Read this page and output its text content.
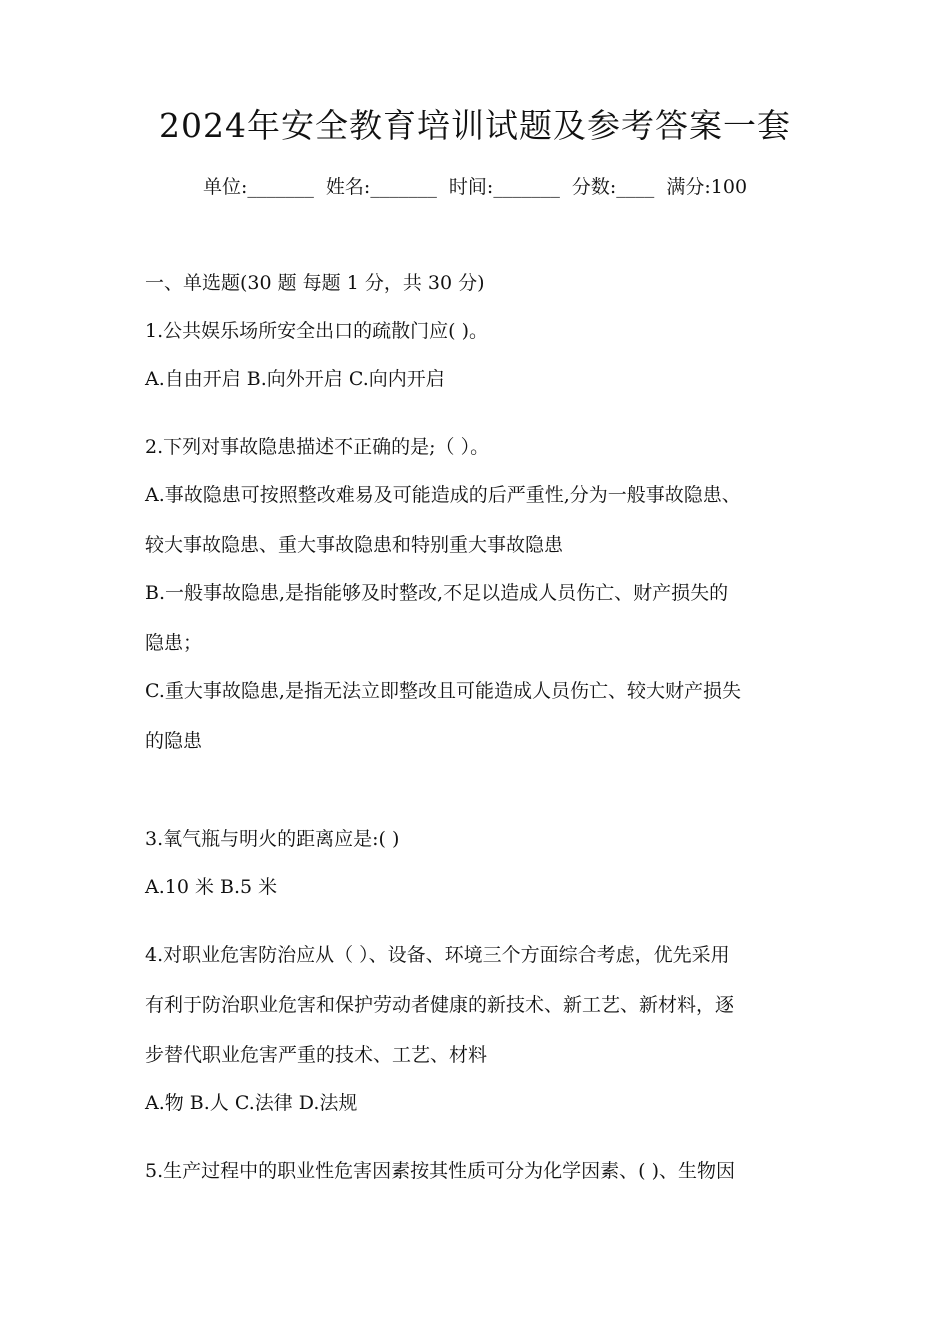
2024年安全教育培训试题及参考答案一套
单位:_______  姓名:_______  时间:_______  分数:____  满分:100
一、单选题(30 题 每题 1 分，共 30 分)
1.公共娱乐场所安全出口的疏散门应( )。
A.自由开启 B.向外开启 C.向内开启
2.下列对事故隐患描述不正确的是;（ ）。
A.事故隐患可按照整改难易及可能造成的后严重性,分为一般事故隐患、
较大事故隐患、重大事故隐患和特别重大事故隐患
B.一般事故隐患,是指能够及时整改,不足以造成人员伤亡、财产损失的
隐患；
C.重大事故隐患,是指无法立即整改且可能造成人员伤亡、较大财产损失
的隐患
3.氧气瓶与明火的距离应是:( )
A.10 米 B.5 米
4.对职业危害防治应从（ ）、设备、环境三个方面综合考虑，优先采用
有利于防治职业危害和保护劳动者健康的新技术、新工艺、新材料，逐
步替代职业危害严重的技术、工艺、材料
A.物 B.人 C.法律 D.法规
5.生产过程中的职业性危害因素按其性质可分为化学因素、( )、生物因
